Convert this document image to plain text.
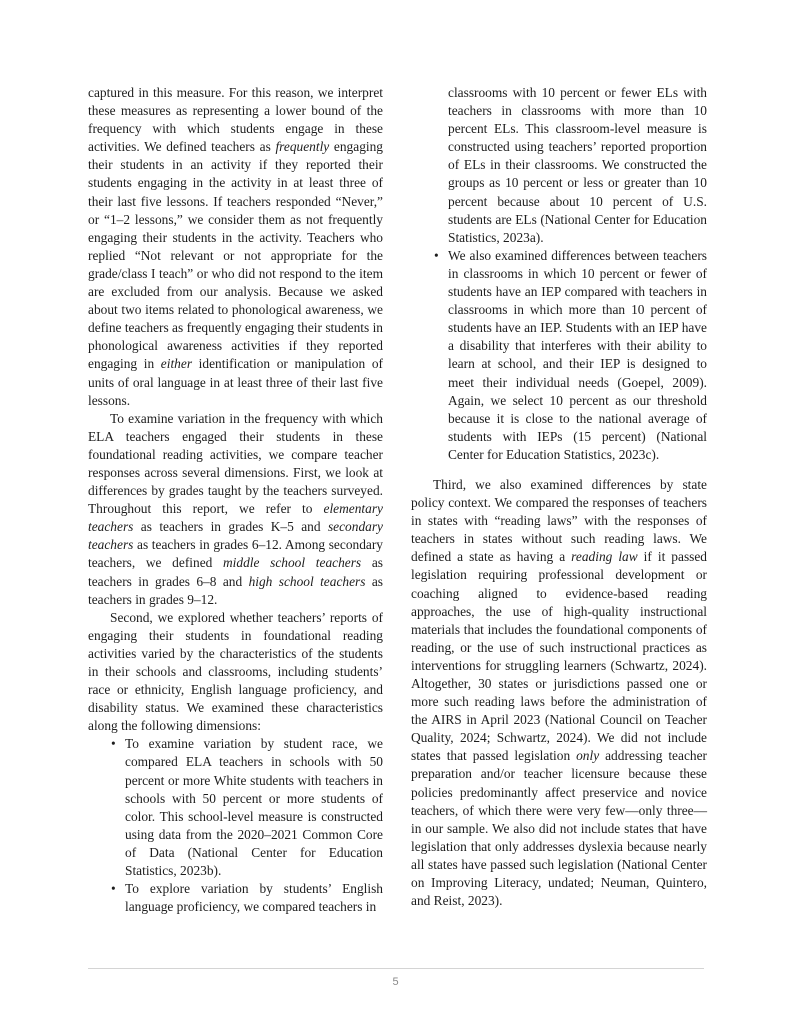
captured in this measure. For this reason, we interpret these measures as representing a lower bound of the frequency with which students engage in these activities. We defined teachers as frequently engaging their students in an activity if they reported their students engaging in the activity in at least three of their last five lessons. If teachers responded “Never,” or “1–2 lessons,” we consider them as not frequently engaging their students in the activity. Teachers who replied “Not relevant or not appropriate for the grade/class I teach” or who did not respond to the item are excluded from our analysis. Because we asked about two items related to phonological awareness, we define teachers as frequently engaging their students in phonological awareness activities if they reported engaging in either identification or manipulation of units of oral language in at least three of their last five lessons.

To examine variation in the frequency with which ELA teachers engaged their students in these foundational reading activities, we compare teacher responses across several dimensions. First, we look at differences by grades taught by the teachers surveyed. Throughout this report, we refer to elementary teachers as teachers in grades K–5 and secondary teachers as teachers in grades 6–12. Among secondary teachers, we defined middle school teachers as teachers in grades 6–8 and high school teachers as teachers in grades 9–12.

Second, we explored whether teachers’ reports of engaging their students in foundational reading activities varied by the characteristics of the students in their schools and classrooms, including students’ race or ethnicity, English language proficiency, and disability status. We examined these characteristics along the following dimensions:

• To examine variation by student race, we compared ELA teachers in schools with 50 percent or more White students with teachers in schools with 50 percent or more students of color. This school-level measure is constructed using data from the 2020–2021 Common Core of Data (National Center for Education Statistics, 2023b).
• To explore variation by students’ English language proficiency, we compared teachers in

classrooms with 10 percent or fewer ELs with teachers in classrooms with more than 10 percent ELs. This classroom-level measure is constructed using teachers’ reported proportion of ELs in their classrooms. We constructed the groups as 10 percent or less or greater than 10 percent because about 10 percent of U.S. students are ELs (National Center for Education Statistics, 2023a).

• We also examined differences between teachers in classrooms in which 10 percent or fewer of students have an IEP compared with teachers in classrooms in which more than 10 percent of students have an IEP. Students with an IEP have a disability that interferes with their ability to learn at school, and their IEP is designed to meet their individual needs (Goepel, 2009). Again, we select 10 percent as our threshold because it is close to the national average of students with IEPs (15 percent) (National Center for Education Statistics, 2023c).

Third, we also examined differences by state policy context. We compared the responses of teachers in states with “reading laws” with the responses of teachers in states without such reading laws. We defined a state as having a reading law if it passed legislation requiring professional development or coaching aligned to evidence-based reading approaches, the use of high-quality instructional materials that includes the foundational components of reading, or the use of such instructional practices as interventions for struggling learners (Schwartz, 2024). Altogether, 30 states or jurisdictions passed one or more such reading laws before the administration of the AIRS in April 2023 (National Council on Teacher Quality, 2024; Schwartz, 2024). We did not include states that passed legislation only addressing teacher preparation and/or teacher licensure because these policies predominantly affect preservice and novice teachers, of which there were very few—only three—in our sample. We also did not include states that have legislation that only addresses dyslexia because nearly all states have passed such legislation (National Center on Improving Literacy, undated; Neuman, Quintero, and Reist, 2023).

5
